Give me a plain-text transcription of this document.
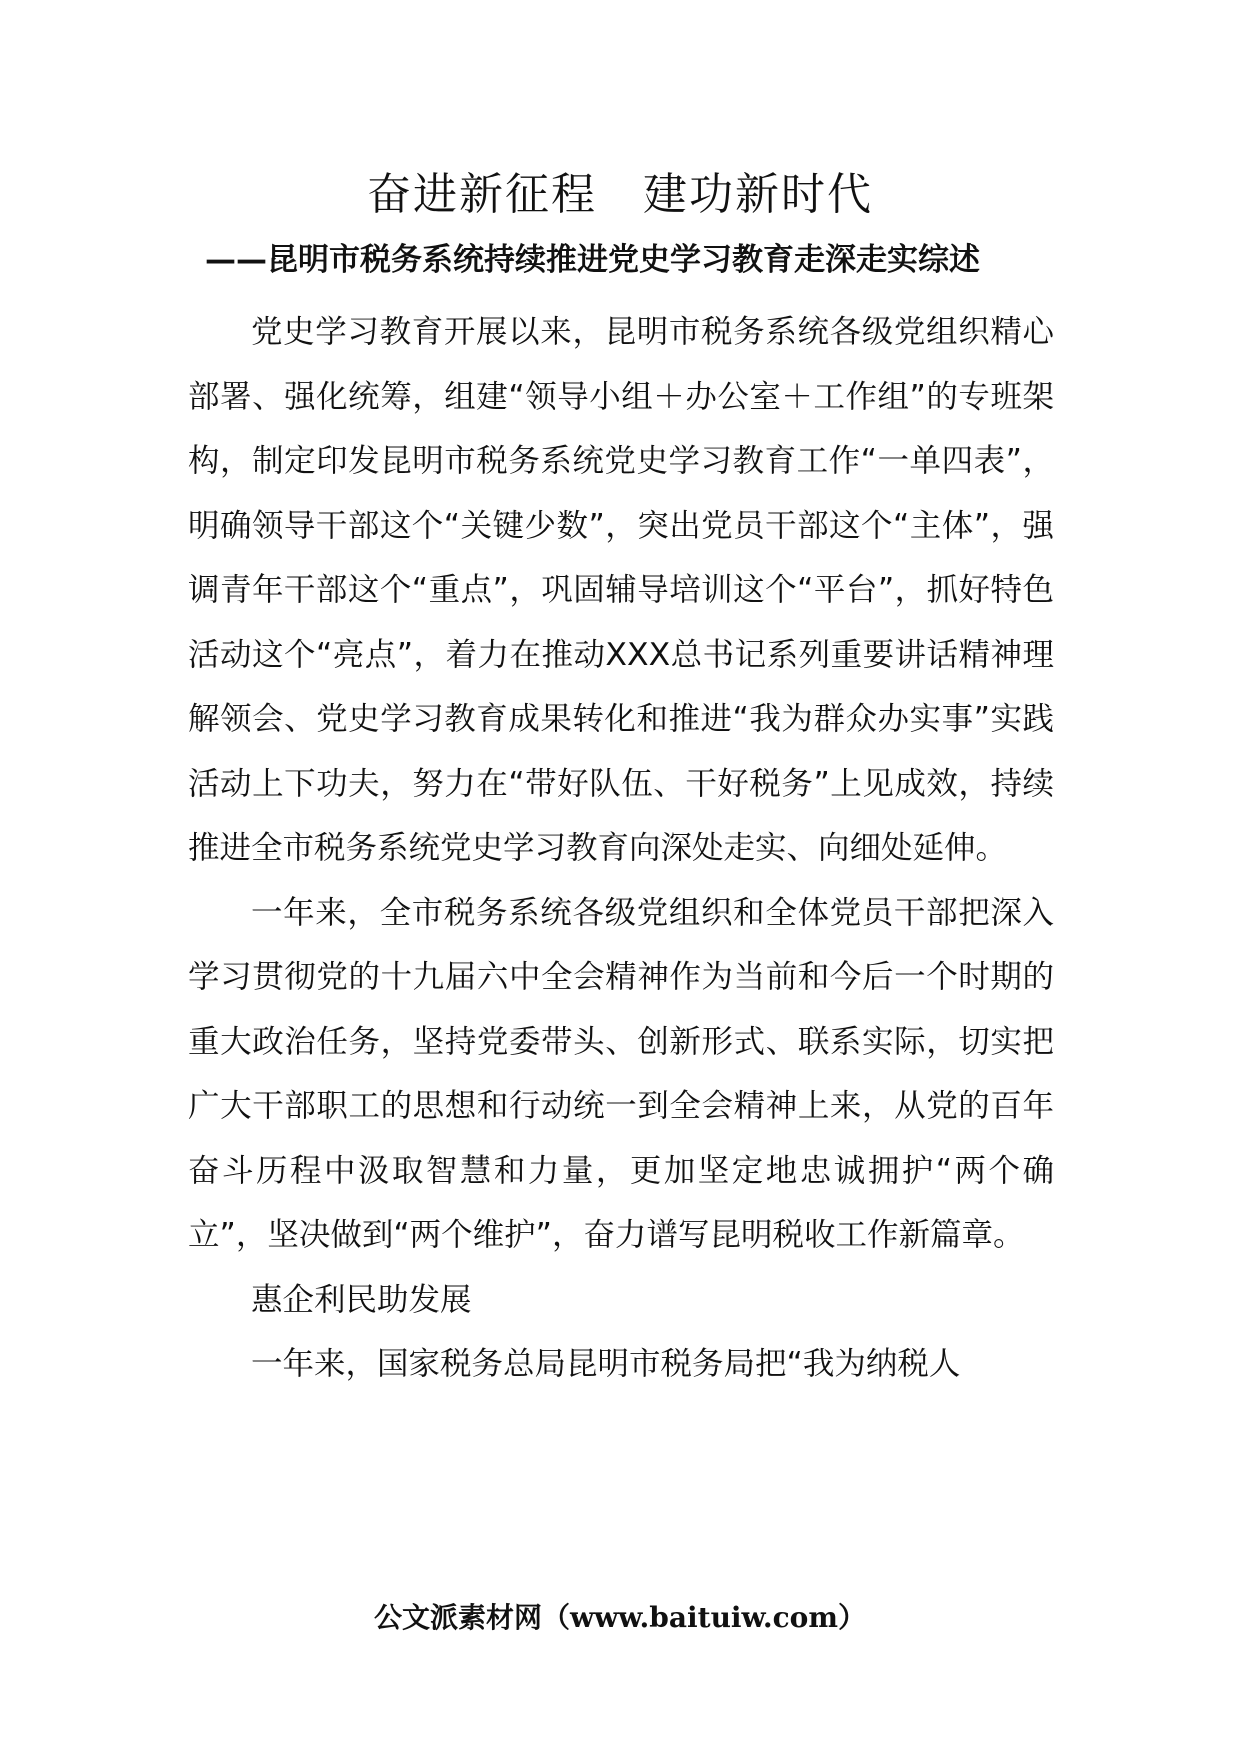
奋进新征程　建功新时代
——昆明市税务系统持续推进党史学习教育走深走实综述

党史学习教育开展以来，昆明市税务系统各级党组织精心部署、强化统筹，组建“领导小组＋办公室＋工作组”的专班架构，制定印发昆明市税务系统党史学习教育工作“一单四表”，明确领导干部这个“关键少数”，突出党员干部这个“主体”，强调青年干部这个“重点”，巩固辅导培训这个“平台”，抓好特色活动这个“亮点”，着力在推动XXX总书记系列重要讲话精神理解领会、党史学习教育成果转化和推进“我为群众办实事”实践活动上下功夫，努力在“带好队伍、干好税务”上见成效，持续推进全市税务系统党史学习教育向深处走实、向细处延伸。

一年来，全市税务系统各级党组织和全体党员干部把深入学习贯彻党的十九届六中全会精神作为当前和今后一个时期的重大政治任务，坚持党委带头、创新形式、联系实际，切实把广大干部职工的思想和行动统一到全会精神上来，从党的百年奋斗历程中汲取智慧和力量，更加坚定地忠诚拥护“两个确立”，坚决做到“两个维护”，奋力谱写昆明税收工作新篇章。

惠企利民助发展

一年来，国家税务总局昆明市税务局把“我为纳税人

公文派素材网（www.baituiw.com）
